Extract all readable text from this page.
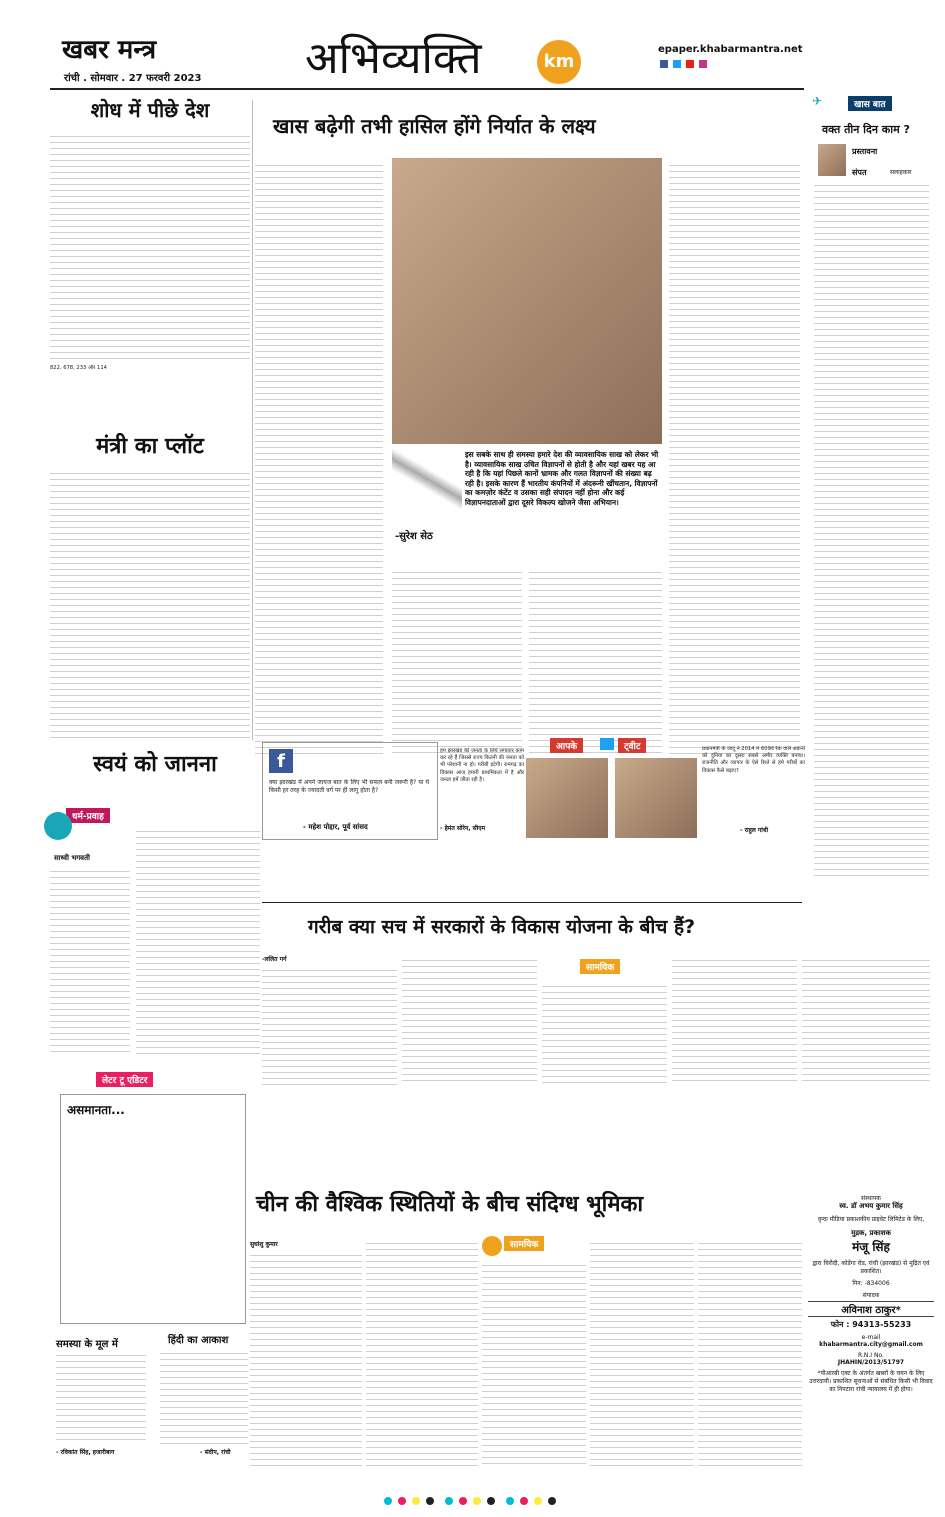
खबर मन्त्र
रांची . सोमवार . 27 फरवरी 2023 अभिव्यक्ति	km
epaper.khabarmantra.net
शोध में पीछे देश
822, 678, 233 और 114
मंत्री का प्लॉट
खास बढ़ेगी तभी हासिल होंगे निर्यात के लक्ष्य
इस सबके साथ ही समस्या हमारे देश की व्यावसायिक साख को लेकर भी है। व्यावसायिक साख उचित विज्ञापनों से होती है और यहां खबर यह आ रही है कि यहां पिछले कानों भ्रामक और गलत विज्ञापनों की संख्या बढ़ रही है। इसके कारण हैं भारतीय कंपनियों में अंदरूनी खींचतान, विज्ञापनों का कमज़ोर कंटेंट व उसका सही संपादन नहीं होना और कई विज्ञापनदाताओं द्वारा दूसरे विकल्प खोजने जैसा अभियान।
-सुरेश सेठ
✈	खास बात
वक्त तीन दिन काम ?
प्रस्तावना
संपत	सलाहकार
स्वयं को जानना
धर्म-प्रवाह
साध्वी भगवती
f
क्या झारखंड में अपने जायज बात के लिए भी सफल बनी जरूरी है? या ये किसी हर तरह के ज्यादती वर्ग पर ही लागू होता है?
- महेश पोद्दार, पूर्व सांसद
आपके	ट्वीट
हम झारखंड की जनता के लिये लगातार काम कर रहे हैं जिससे राज्य कितनी की जनता को भी परेशानी ना हो। गरीबी हटेगी। रामगढ़ का विकास आज हमारी प्राथमिकता में है और जनता हमें जीता रही है।
- हेमंत सोरेन, सीएम
प्रधानमंत्री के जादू ने 2014 में 609वें रैंक वाले अडानी को दुनिया का दूसरा सबसे अमीर व्यक्ति बनाया। राजनीति और व्यापार के ऐसे रिश्ते से हमे गरीबों का विकास कैसे बढ़ाए?
- राहुल गांधी
गरीब क्या सच में सरकारों के विकास योजना के बीच हैं?
-ललित गर्ग
सामयिक
लेटर टू एडिटर
असमानता...
समस्या के मूल में
- रविकांत सिंह, हजारीबाग
हिंदी का आकाश
- संदीप, रांची
चीन की वैश्विक स्थितियों के बीच संदिग्ध भूमिका
सुधांशु कुमार	सामयिक
संस्थापक
स्व. डॉ अभय कुमार सिंह
वृन्दा मीडिया प्रकाशकीय प्राइवेट लिमिटेड के लिए,
मुद्रक, प्रकाशक
मंजू सिंह
द्वारा चिरौदी, कोडेंगा रोड, रांची (झारखंड) से मुद्रित एवं प्रकाशित।
पिन: -834006
संपादक
अविनाश ठाकुर*
फोन : 94313-55233
e-mail
khabarmantra.city@gmail.com
R.N.I No.
JHAHIN/2013/51797
*पीआरबी एक्ट के अंतर्गत खबरों के चयन के लिए उत्तरदायी। प्रकाशित सूचनाओं से संबंधित किसी भी विवाद का निपटारा रांची न्यायालय में ही होगा।
